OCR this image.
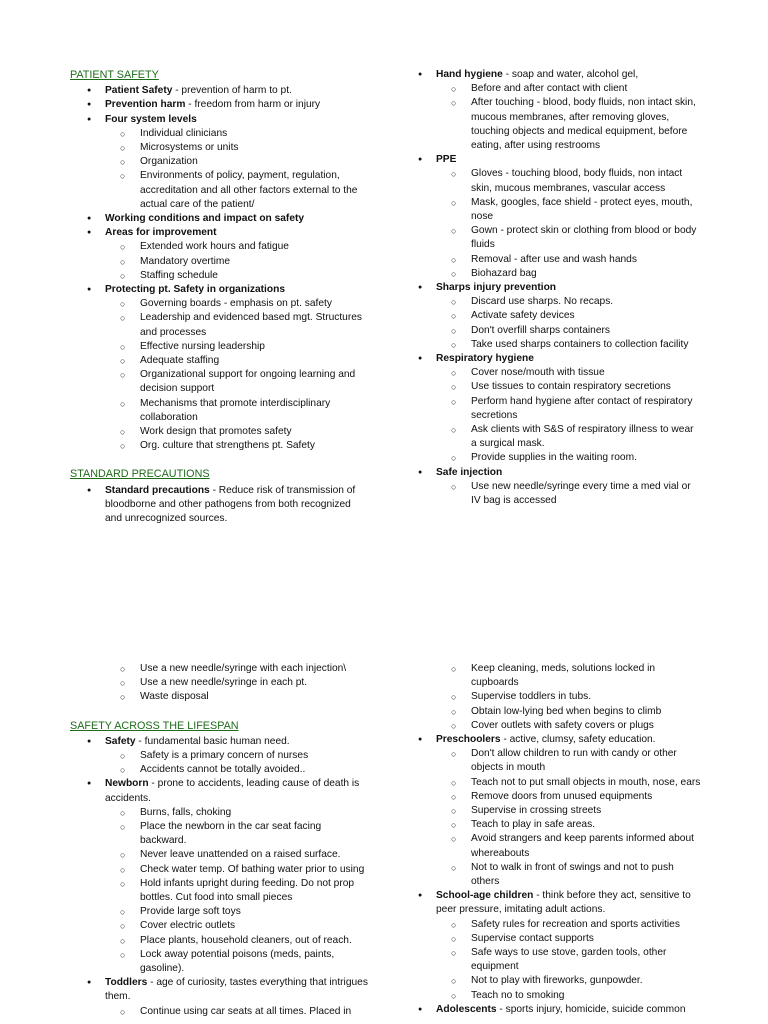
PATIENT SAFETY
● Patient Safety - prevention of harm to pt.
● Prevention harm - freedom from harm or injury
● Four system levels
○ Individual clinicians
○ Microsystems or units
○ Organization
○ Environments of policy, payment, regulation, accreditation and all other factors external to the actual care of the patient/
● Working conditions and impact on safety
● Areas for improvement
○ Extended work hours and fatigue
○ Mandatory overtime
○ Staffing schedule
● Protecting pt. Safety in organizations
○ Governing boards - emphasis on pt. safety
○ Leadership and evidenced based mgt. Structures and processes
○ Effective nursing leadership
○ Adequate staffing
○ Organizational support for ongoing learning and decision support
○ Mechanisms that promote interdisciplinary collaboration
○ Work design that promotes safety
○ Org. culture that strengthens pt. Safety
STANDARD PRECAUTIONS
● Standard precautions - Reduce risk of transmission of bloodborne and other pathogens from both recognized and unrecognized sources.
● Hand hygiene - soap and water, alcohol gel,
○ Before and after contact with client
○ After touching - blood, body fluids, non intact skin, mucous membranes, after removing gloves, touching objects and medical equipment, before eating, after using restrooms
● PPE
○ Gloves - touching blood, body fluids, non intact skin, mucous membranes, vascular access
○ Mask, googles, face shield - protect eyes, mouth, nose
○ Gown - protect skin or clothing from blood or body fluids
○ Removal - after use and wash hands
○ Biohazard bag
● Sharps injury prevention
○ Discard use sharps. No recaps.
○ Activate safety devices
○ Don't overfill sharps containers
○ Take used sharps containers to collection facility
● Respiratory hygiene
○ Cover nose/mouth with tissue
○ Use tissues to contain respiratory secretions
○ Perform hand hygiene after contact of respiratory secretions
○ Ask clients with S&S of respiratory illness to wear a surgical mask.
○ Provide supplies in the waiting room.
● Safe injection
○ Use new needle/syringe every time a med vial or IV bag is accessed
○ Use a new needle/syringe with each injection\
○ Use a new needle/syringe in each pt.
○ Waste disposal
SAFETY ACROSS THE LIFESPAN
● Safety - fundamental basic human need.
○ Safety is a primary concern of nurses
○ Accidents cannot be totally avoided..
● Newborn - prone to accidents, leading cause of death is accidents.
○ Burns, falls, choking
○ Place the newborn in the car seat facing backward.
○ Never leave unattended on a raised surface.
○ Check water temp. Of bathing water prior to using
○ Hold infants upright during feeding. Do not prop bottles. Cut food into small pieces
○ Provide large soft toys
○ Cover electric outlets
○ Place plants, household cleaners, out of reach.
○ Lock away potential poisons (meds, paints, gasoline).
● Toddlers - age of curiosity, tastes everything that intrigues them.
○ Continue using car seats at all times. Placed in
○ Keep cleaning, meds, solutions locked in cupboards
○ Supervise toddlers in tubs.
○ Obtain low-lying bed when begins to climb
○ Cover outlets with safety covers or plugs
● Preschoolers - active, clumsy, safety education.
○ Don't allow children to run with candy or other objects in mouth
○ Teach not to put small objects in mouth, nose, ears
○ Remove doors from unused equipments
○ Supervise in crossing streets
○ Teach to play in safe areas.
○ Avoid strangers and keep parents informed about whereabouts
○ Not to walk in front of swings and not to push others
● School-age children - think before they act, sensitive to peer pressure, imitating adult actions.
○ Safety rules for recreation and sports activities
○ Supervise contact supports
○ Safe ways to use stove, garden tools, other equipment
○ Not to play with fireworks, gunpowder.
○ Teach no to smoking
● Adolescents - sports injury, homicide, suicide common
